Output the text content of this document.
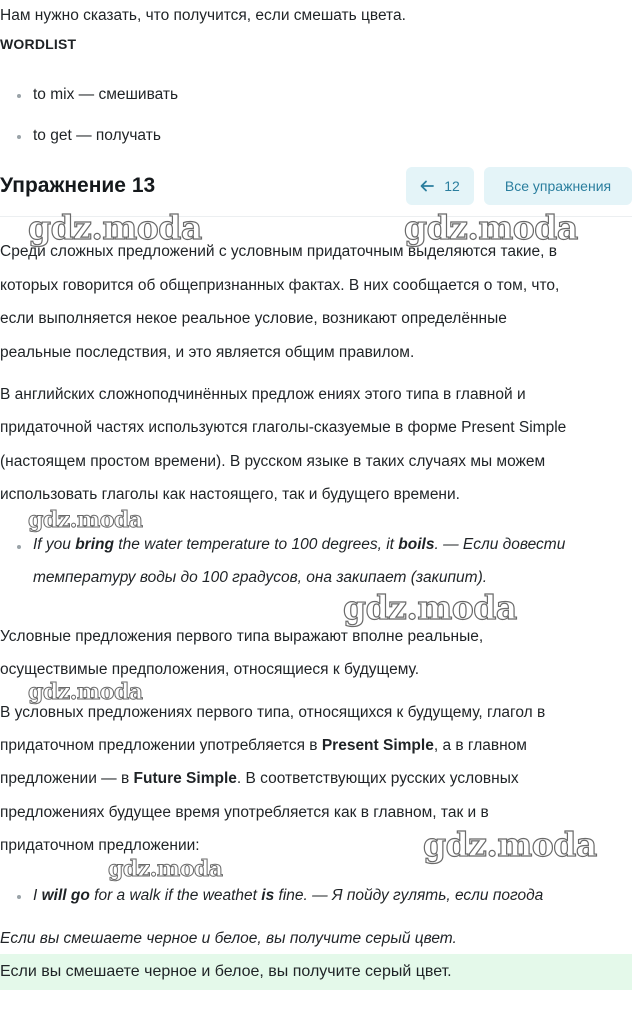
Нам нужно сказать, что получится, если смешать цвета.
WORDLIST
to mix — смешивать
to get — получать
Упражнение 13	12	Все упражнения
Среди сложных предложений с условным придаточным выделяются такие, в
которых говорится об общепризнанных фактах. В них сообщается о том, что,
если выполняется некое реальное условие, возникают определённые
реальные последствия, и это является общим правилом.
В английских сложноподчинённых предлож ениях этого типа в главной и
придаточной частях используются глаголы-сказуемые в форме Present Simple
(настоящем простом времени). В русском языке в таких случаях мы можем
использовать глаголы как настоящего, так и будущего времени.
If you bring the water temperature to 100 degrees, it boils. — Если довести
температуру воды до 100 градусов, она закипает (закипит).
Условные предложения первого типа выражают вполне реальные,
осуществимые предположения, относящиеся к будущему.
В условных предложениях первого типа, относящихся к будущему, глагол в
придаточном предложении употребляется в Present Simple, а в главном
предложении — в Future Simple. В соответствующих русских условных
предложениях будущее время употребляется как в главном, так и в
придаточном предложении:
I will go for a walk if the weathet is fine. — Я пойду гулять, если погода
Если вы смешаете черное и белое, вы получите серый цвет.
Если вы смешаете черное и белое, вы получите серый цвет.
gdz.moda	gdz.moda
gdz.moda
gdz.moda
gdz.moda
gdz.moda
gdz.moda
